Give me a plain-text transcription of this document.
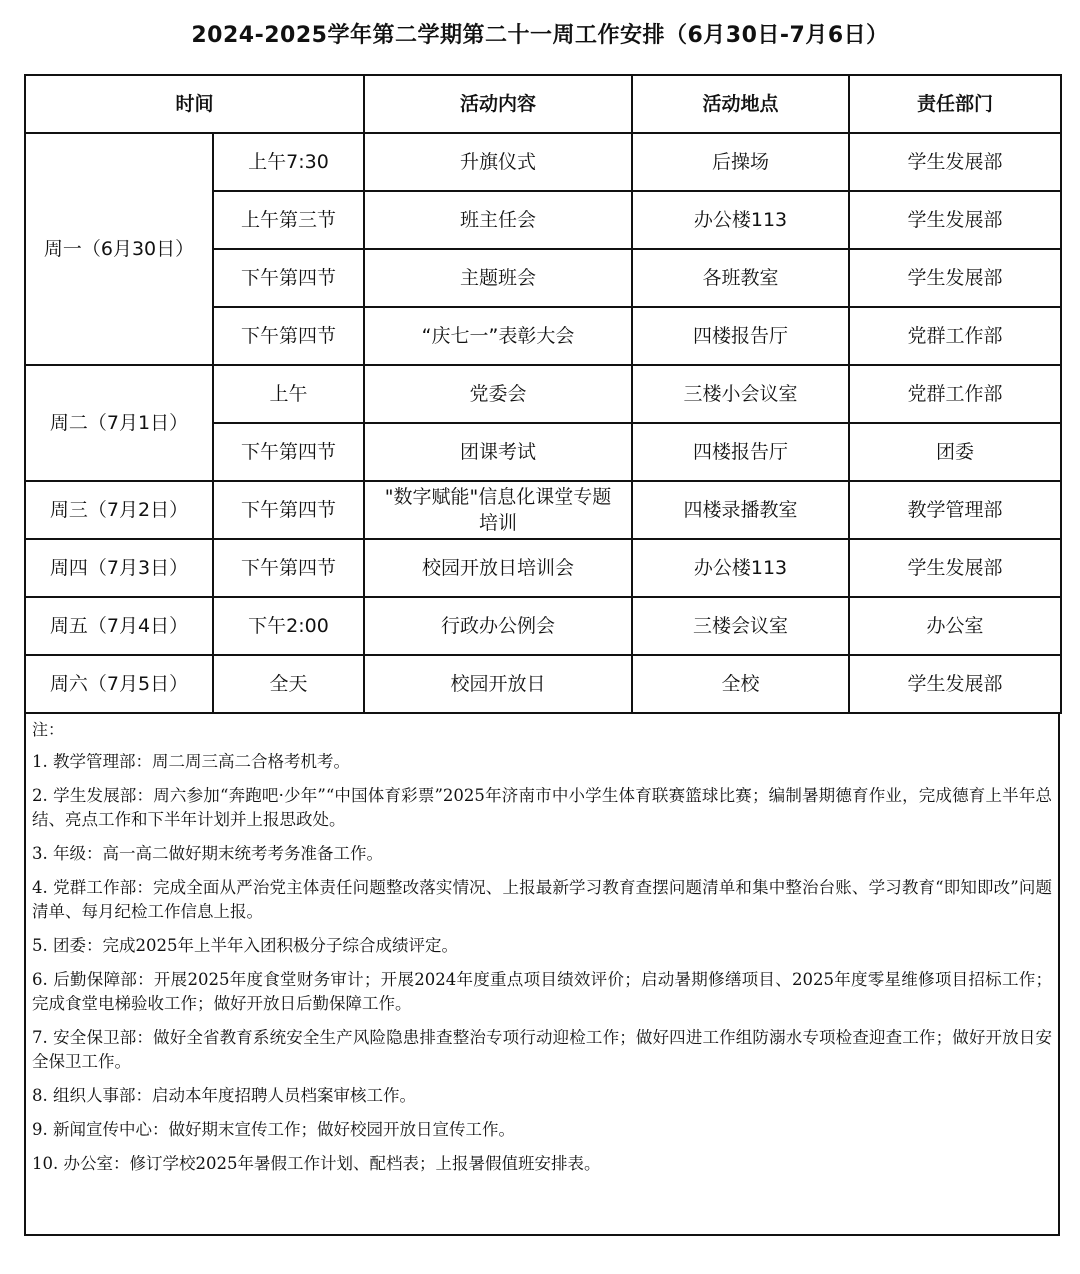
2024-2025学年第二学期第二十一周工作安排（6月30日-7月6日）
时间		活动内容	活动地点	责任部门
周一（6月30日）	上午7:30	升旗仪式	后操场	学生发展部
	上午第三节	班主任会	办公楼113	学生发展部
	下午第四节	主题班会	各班教室	学生发展部
	下午第四节	“庆七一”表彰大会	四楼报告厅	党群工作部
周二（7月1日）	上午	党委会	三楼小会议室	党群工作部
	下午第四节	团课考试	四楼报告厅	团委
周三（7月2日）	下午第四节	"数字赋能"信息化课堂专题培训	四楼录播教室	教学管理部
周四（7月3日）	下午第四节	校园开放日培训会	办公楼113	学生发展部
周五（7月4日）	下午2:00	行政办公例会	三楼会议室	办公室
周六（7月5日）	全天	校园开放日	全校	学生发展部
注：
1. 教学管理部：周二周三高二合格考机考。
2. 学生发展部：周六参加“奔跑吧·少年”“中国体育彩票”2025年济南市中小学生体育联赛篮球比赛；编制暑期德育作业，完成德育上半年总结、亮点工作和下半年计划并上报思政处。
3. 年级：高一高二做好期末统考考务准备工作。
4. 党群工作部：完成全面从严治党主体责任问题整改落实情况、上报最新学习教育查摆问题清单和集中整治台账、学习教育“即知即改”问题清单、每月纪检工作信息上报。
5. 团委：完成2025年上半年入团积极分子综合成绩评定。
6. 后勤保障部：开展2025年度食堂财务审计；开展2024年度重点项目绩效评价；启动暑期修缮项目、2025年度零星维修项目招标工作；完成食堂电梯验收工作；做好开放日后勤保障工作。
7. 安全保卫部：做好全省教育系统安全生产风险隐患排查整治专项行动迎检工作；做好四进工作组防溺水专项检查迎查工作；做好开放日安全保卫工作。
8. 组织人事部：启动本年度招聘人员档案审核工作。
9. 新闻宣传中心：做好期末宣传工作；做好校园开放日宣传工作。
10. 办公室：修订学校2025年暑假工作计划、配档表；上报暑假值班安排表。
